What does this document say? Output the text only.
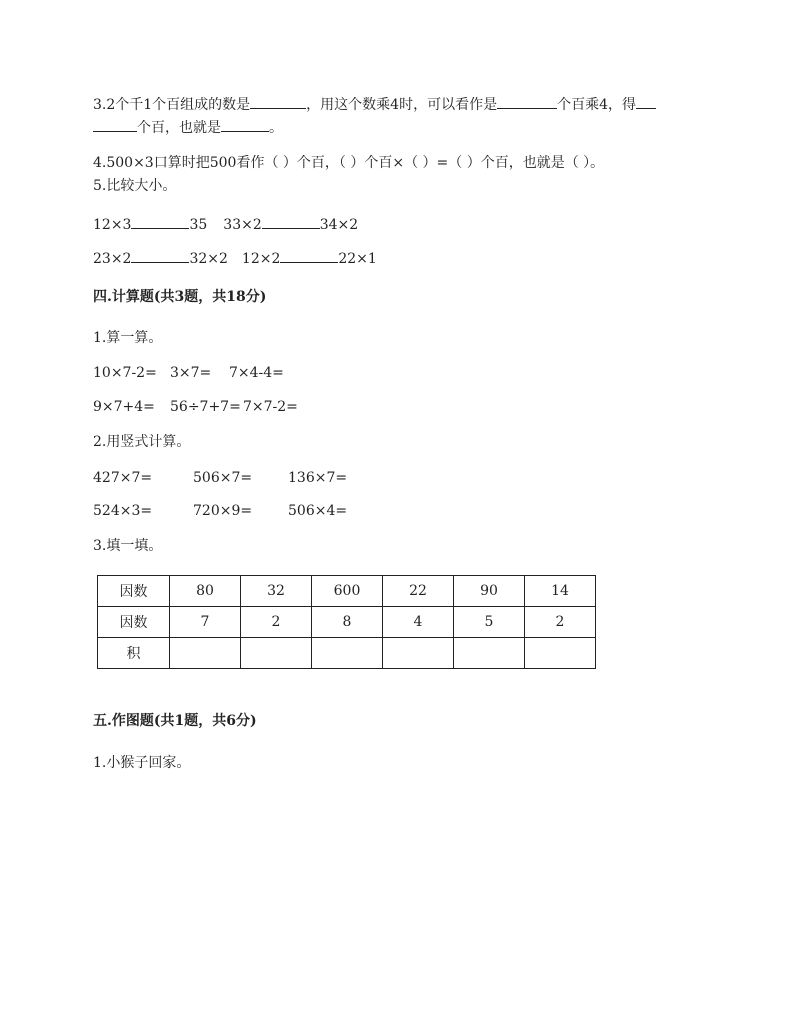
3.2个千1个百组成的数是	，用这个数乘4时，可以看作是	个百乘4，得
个百，也就是	。
4.500×3口算时把500看作（ ）个百，（ ）个百×（ ）=（ ）个百，也就是（ ）。
5.比较大小。
12×3	35 33×2	34×2
23×2	32×2 12×2	22×1
四.计算题(共3题，共18分)
1.算一算。
10×7-2= 3×7= 7×4-4=
9×7+4= 56÷7+7= 7×7-2=
2.用竖式计算。
427×7=	506×7=	136×7=
524×3=	720×9=	506×4=
3.填一填。
因数	80	32	600	22	90	14
因数	7	2	8	4	5	2
积						
五.作图题(共1题，共6分)
1.小猴子回家。
